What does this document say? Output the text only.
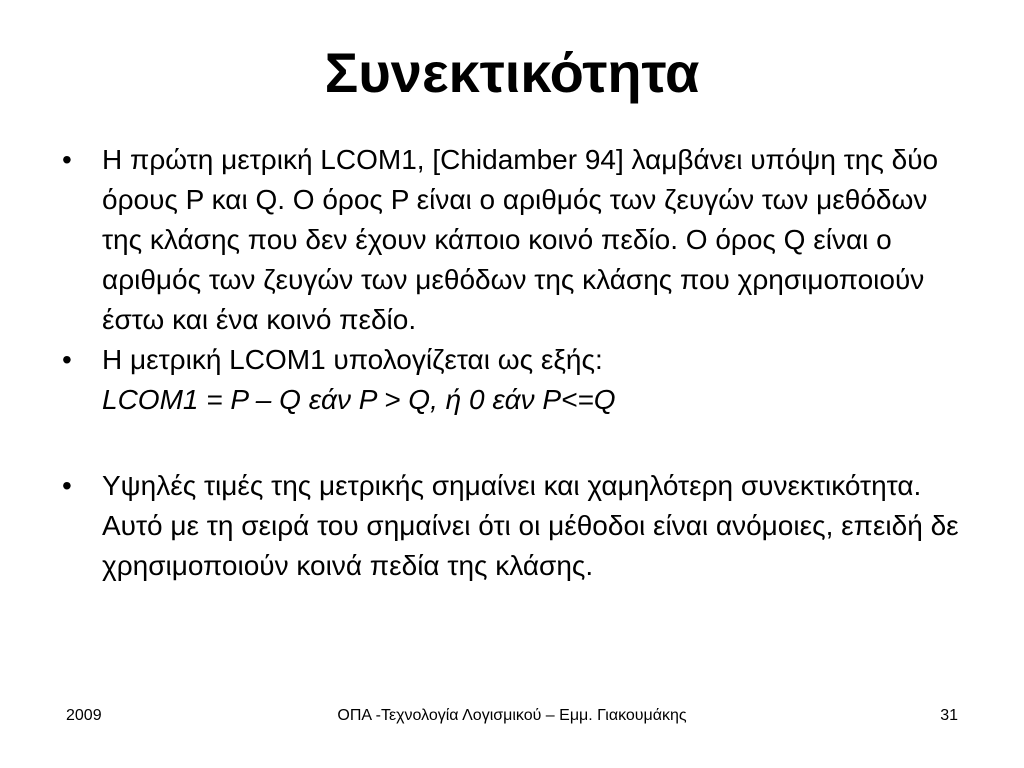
Συνεκτικότητα
•	Η πρώτη μετρική LCOM1, [Chidamber 94] λαμβάνει υπόψη της δύο όρους P και Q. Ο όρος P είναι ο αριθμός των ζευγών των μεθόδων της κλάσης που δεν έχουν κάποιο κοινό πεδίο. Ο όρος Q είναι ο αριθμός των ζευγών των μεθόδων της κλάσης που χρησιμοποιούν έστω και ένα κοινό πεδίο.
•	Η μετρική LCOM1 υπολογίζεται ως εξής:
LCOM1 = P – Q εάν P > Q, ή 0 εάν P<=Q
•	Υψηλές τιμές της μετρικής σημαίνει και χαμηλότερη συνεκτικότητα. Αυτό με τη σειρά του σημαίνει ότι οι μέθοδοι είναι ανόμοιες, επειδή δε χρησιμοποιούν κοινά πεδία της κλάσης.
ΟΠΑ -Τεχνολογία Λογισμικού – Εμμ. Γιακουμάκης
2009	31
